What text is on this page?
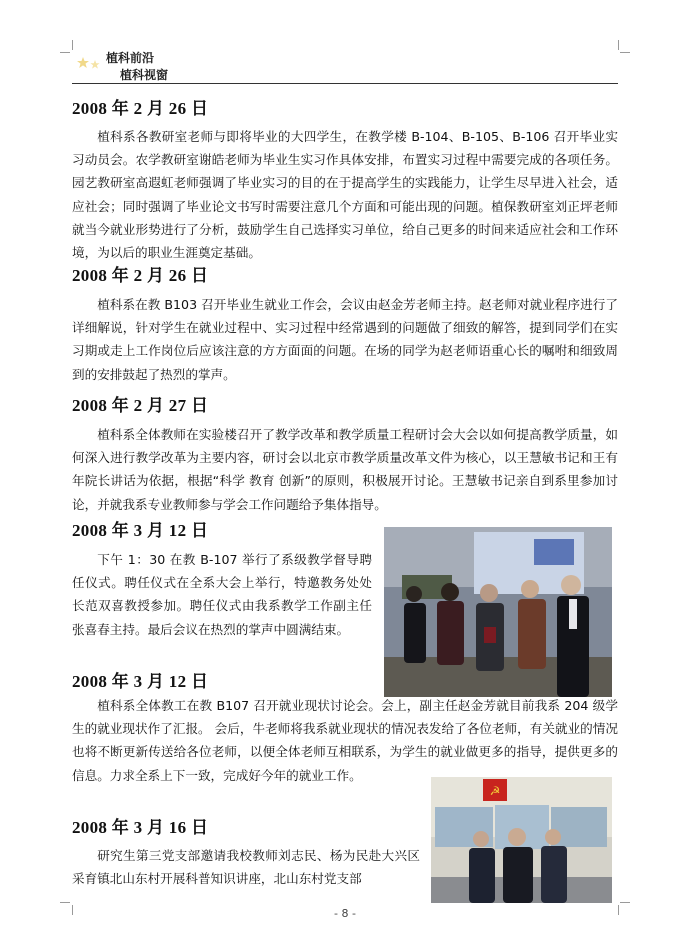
植科前沿
植科视窗
2008 年 2 月 26 日

植科系各教研室老师与即将毕业的大四学生，在教学楼 B-104、B-105、B-106 召开毕业实习动员会。农学教研室谢皓老师为毕业生实习作具体安排，布置实习过程中需要完成的各项任务。园艺教研室高遐虹老师强调了毕业实习的目的在于提高学生的实践能力，让学生尽早进入社会，适应社会；同时强调了毕业论文书写时需要注意几个方面和可能出现的问题。植保教研室刘正坪老师就当今就业形势进行了分析，鼓励学生自己选择实习单位，给自己更多的时间来适应社会和工作环境，为以后的职业生涯奠定基础。

2008 年 2 月 26 日

植科系在教 B103 召开毕业生就业工作会，会议由赵金芳老师主持。赵老师对就业程序进行了详细解说，针对学生在就业过程中、实习过程中经常遇到的问题做了细致的解答，提到同学们在实习期或走上工作岗位后应该注意的方方面面的问题。在场的同学为赵老师语重心长的嘱咐和细致周到的安排鼓起了热烈的掌声。

2008 年 2 月 27 日

植科系全体教师在实验楼召开了教学改革和教学质量工程研讨会大会以如何提高教学质量，如何深入进行教学改革为主要内容，研讨会以北京市教学质量改革文件为核心，以王慧敏书记和王有年院长讲话为依据，根据“科学 教育 创新”的原则，积极展开讨论。王慧敏书记亲自到系里参加讨论，并就我系专业教师参与学会工作问题给予集体指导。

2008 年 3 月 12 日

下午 1：30 在教 B-107 举行了系级教学督导聘任仪式。聘任仪式在全系大会上举行，特邀教务处处长范双喜教授参加。聘任仪式由我系教学工作副主任张喜春主持。最后会议在热烈的掌声中圆满结束。

2008 年 3 月 12 日

植科系全体教工在教 B107 召开就业现状讨论会。会上，副主任赵金芳就目前我系 204 级学生的就业现状作了汇报。 会后，牛老师将我系就业现状的情况表发给了各位老师，有关就业的情况也将不断更新传送给各位老师，以便全体老师互相联系，为学生的就业做更多的指导，提供更多的信息。力求全系上下一致，完成好今年的就业工作。

☭
2008 年 3 月 16 日

研究生第三党支部邀请我校教师刘志民、杨为民赴大兴区采育镇北山东村开展科普知识讲座，北山东村党支部

- 8 -
